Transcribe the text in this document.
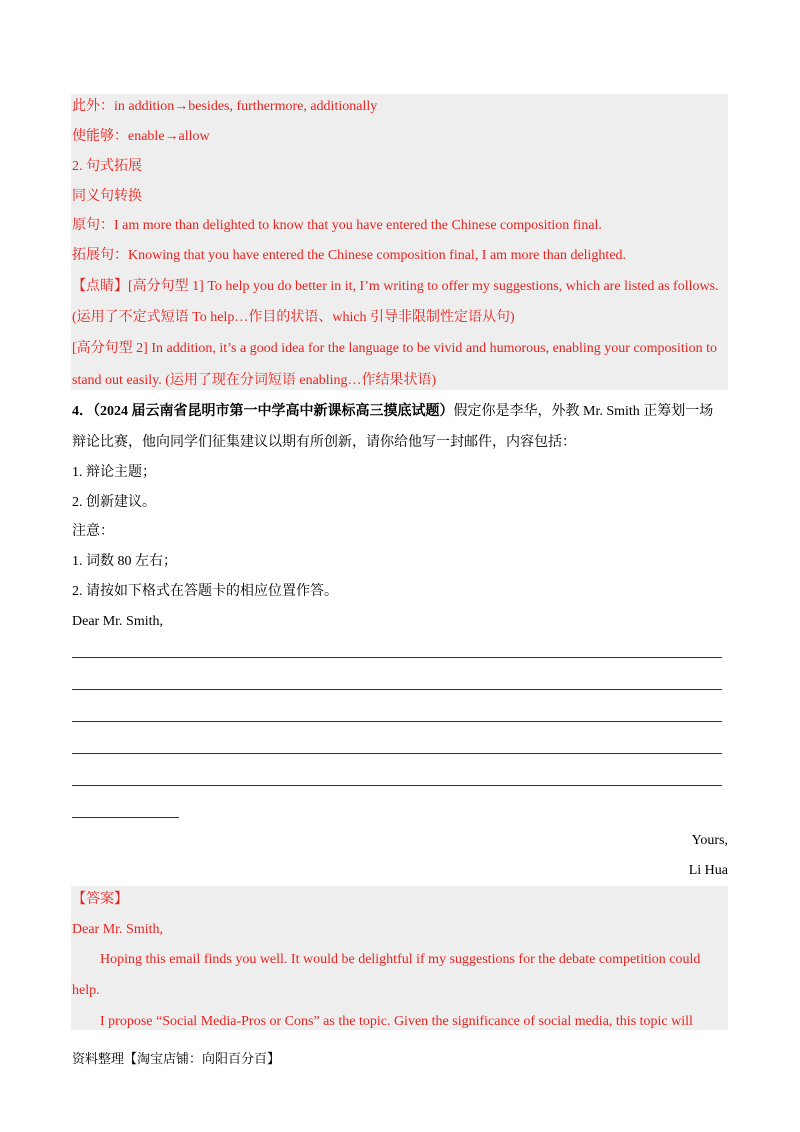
此外：in addition→besides, furthermore, additionally
使能够：enable→allow
2. 句式拓展
同义句转换
原句：I am more than delighted to know that you have entered the Chinese composition final.
拓展句：Knowing that you have entered the Chinese composition final, I am more than delighted.
【点睛】[高分句型 1] To help you do better in it, I’m writing to offer my suggestions, which are listed as follows.
(运用了不定式短语 To help…作目的状语、which 引导非限制性定语从句)
[高分句型 2] In addition, it’s a good idea for the language to be vivid and humorous, enabling your composition to
stand out easily. (运用了现在分词短语 enabling…作结果状语)
4．（2024 届云南省昆明市第一中学高中新课标高三摸底试题）假定你是李华，外教 Mr. Smith 正筹划一场
辩论比赛，他向同学们征集建议以期有所创新，请你给他写一封邮件，内容包括：
1. 辩论主题；
2. 创新建议。
注意：
1. 词数 80 左右；
2. 请按如下格式在答题卡的相应位置作答。
Dear Mr. Smith,
Yours,
Li Hua
【答案】
Dear Mr. Smith,
Hoping this email finds you well. It would be delightful if my suggestions for the debate competition could
help.
I propose “Social Media-Pros or Cons” as the topic. Given the significance of social media, this topic will
资料整理【淘宝店铺：向阳百分百】
